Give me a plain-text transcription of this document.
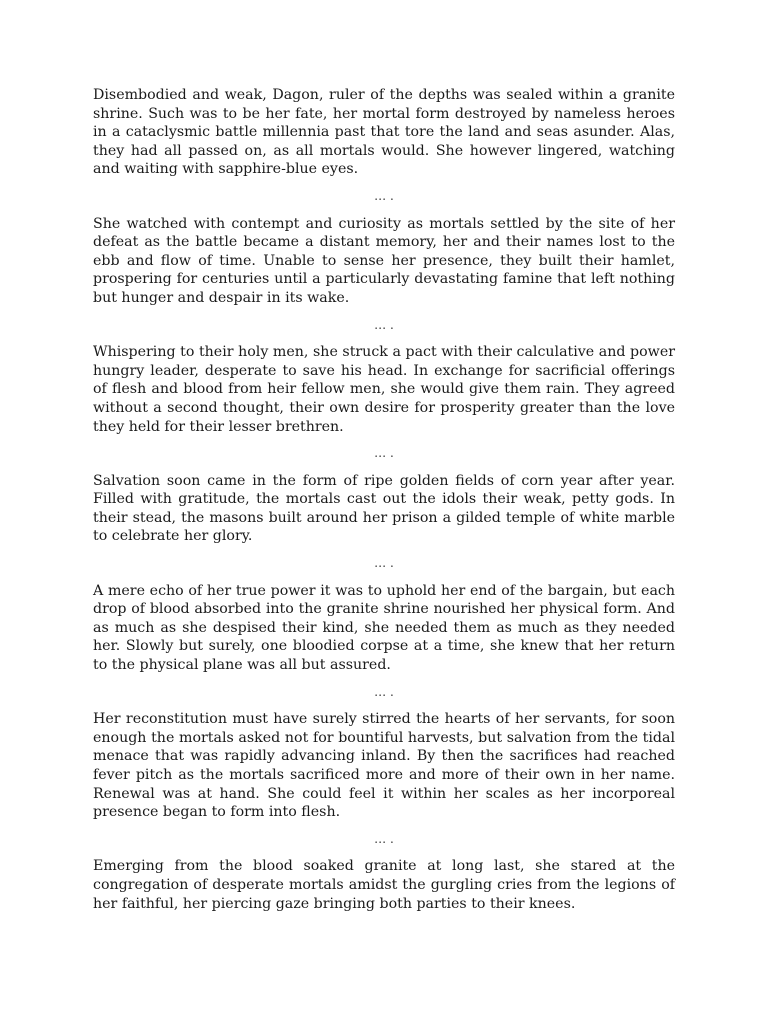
Disembodied and weak, Dagon, ruler of the depths was sealed within a granite shrine. Such was to be her fate, her mortal form destroyed by nameless heroes in a cataclysmic battle millennia past that tore the land and seas asunder. Alas, they had all passed on, as all mortals would. She however lingered, watching and waiting with sapphire-blue eyes.

… .

She watched with contempt and curiosity as mortals settled by the site of her defeat as the battle became a distant memory, her and their names lost to the ebb and flow of time. Unable to sense her presence, they built their hamlet, prospering for centuries until a particularly devastating famine that left nothing but hunger and despair in its wake.

… .

Whispering to their holy men, she struck a pact with their calculative and power hungry leader, desperate to save his head. In exchange for sacrificial offerings of flesh and blood from heir fellow men, she would give them rain. They agreed without a second thought, their own desire for prosperity greater than the love they held for their lesser brethren.

… .

Salvation soon came in the form of ripe golden fields of corn year after year. Filled with gratitude, the mortals cast out the idols their weak, petty gods. In their stead, the masons built around her prison a gilded temple of white marble to celebrate her glory.

… .

A mere echo of her true power it was to uphold her end of the bargain, but each drop of blood absorbed into the granite shrine nourished her physical form. And as much as she despised their kind, she needed them as much as they needed her. Slowly but surely, one bloodied corpse at a time, she knew that her return to the physical plane was all but assured.

… .

Her reconstitution must have surely stirred the hearts of her servants, for soon enough the mortals asked not for bountiful harvests, but salvation from the tidal menace that was rapidly advancing inland. By then the sacrifices had reached fever pitch as the mortals sacrificed more and more of their own in her name. Renewal was at hand. She could feel it within her scales as her incorporeal presence began to form into flesh.

… .

Emerging from the blood soaked granite at long last, she stared at the congregation of desperate mortals amidst the gurgling cries from the legions of her faithful, her piercing gaze bringing both parties to their knees.
